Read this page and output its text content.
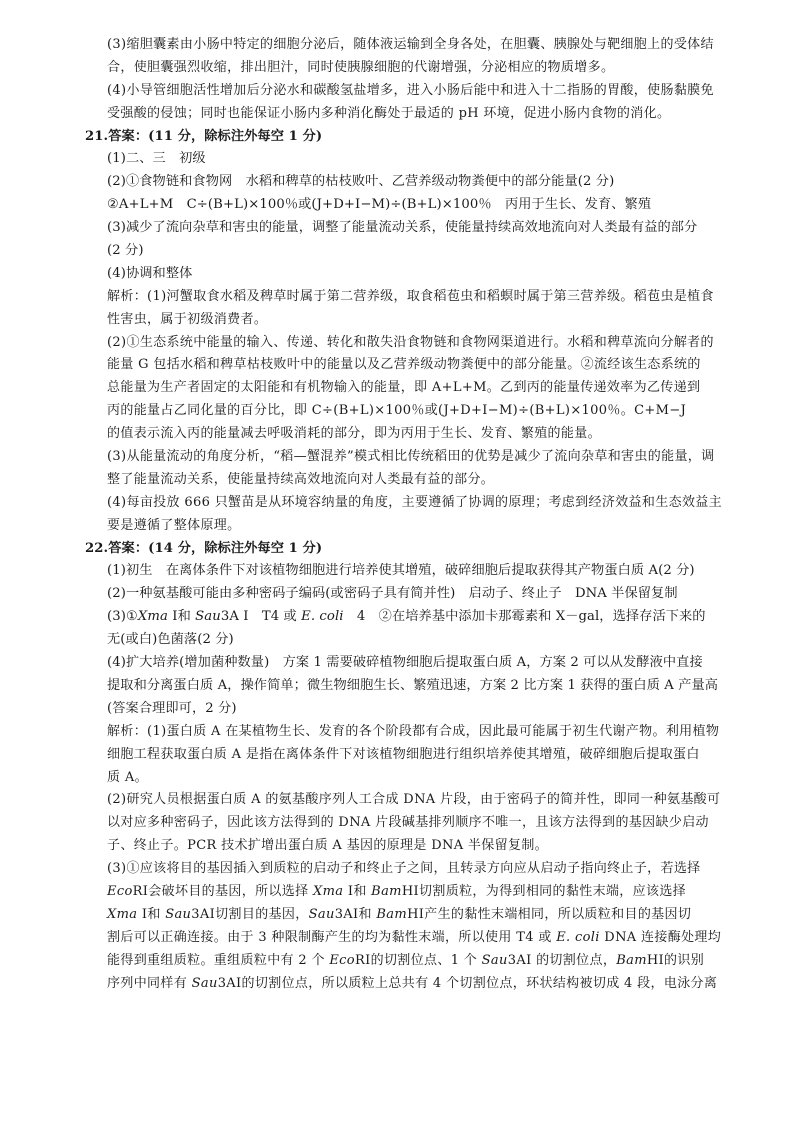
(3)缩胆囊素由小肠中特定的细胞分泌后，随体液运输到全身各处，在胆囊、胰腺处与靶细胞上的受体结
合，使胆囊强烈收缩，排出胆汁，同时使胰腺细胞的代谢增强，分泌相应的物质增多。
(4)小导管细胞活性增加后分泌水和碳酸氢盐增多，进入小肠后能中和进入十二指肠的胃酸，使肠黏膜免
受强酸的侵蚀；同时也能保证小肠内多种消化酶处于最适的 pH 环境，促进小肠内食物的消化。
21.答案：(11 分，除标注外每空 1 分)
(1)二、三　初级
(2)①食物链和食物网　水稻和稗草的枯枝败叶、乙营养级动物粪便中的部分能量(2 分)
②A+L+M　C÷(B+L)×100％或(J+D+I−M)÷(B+L)×100％　丙用于生长、发育、繁殖
(3)减少了流向杂草和害虫的能量，调整了能量流动关系，使能量持续高效地流向对人类最有益的部分
(2 分)
(4)协调和整体
解析：(1)河蟹取食水稻及稗草时属于第二营养级，取食稻苞虫和稻螟时属于第三营养级。稻苞虫是植食
性害虫，属于初级消费者。
(2)①生态系统中能量的输入、传递、转化和散失沿食物链和食物网渠道进行。水稻和稗草流向分解者的
能量 G 包括水稻和稗草枯枝败叶中的能量以及乙营养级动物粪便中的部分能量。②流经该生态系统的
总能量为生产者固定的太阳能和有机物输入的能量，即 A+L+M。乙到丙的能量传递效率为乙传递到
丙的能量占乙同化量的百分比，即 C÷(B+L)×100％或(J+D+I−M)÷(B+L)×100％。C+M−J
的值表示流入丙的能量减去呼吸消耗的部分，即为丙用于生长、发育、繁殖的能量。
(3)从能量流动的角度分析，“稻—蟹混养”模式相比传统稻田的优势是减少了流向杂草和害虫的能量，调
整了能量流动关系，使能量持续高效地流向对人类最有益的部分。
(4)每亩投放 666 只蟹苗是从环境容纳量的角度，主要遵循了协调的原理；考虑到经济效益和生态效益主
要是遵循了整体原理。
22.答案：(14 分，除标注外每空 1 分)
(1)初生　在离体条件下对该植物细胞进行培养使其增殖，破碎细胞后提取获得其产物蛋白质 A(2 分)
(2)一种氨基酸可能由多种密码子编码(或密码子具有简并性)　启动子、终止子　DNA 半保留复制
(3)①Xma Ⅰ和 Sau3A Ⅰ　T4 或 E. coli　4　②在培养基中添加卡那霉素和 X－gal，选择存活下来的
无(或白)色菌落(2 分)
(4)扩大培养(增加菌种数量)　方案 1 需要破碎植物细胞后提取蛋白质 A，方案 2 可以从发酵液中直接
提取和分离蛋白质 A，操作简单；微生物细胞生长、繁殖迅速，方案 2 比方案 1 获得的蛋白质 A 产量高
(答案合理即可，2 分)
解析：(1)蛋白质 A 在某植物生长、发育的各个阶段都有合成，因此最可能属于初生代谢产物。利用植物
细胞工程获取蛋白质 A 是指在离体条件下对该植物细胞进行组织培养使其增殖，破碎细胞后提取蛋白
质 A。
(2)研究人员根据蛋白质 A 的氨基酸序列人工合成 DNA 片段，由于密码子的简并性，即同一种氨基酸可
以对应多种密码子，因此该方法得到的 DNA 片段碱基排列顺序不唯一，且该方法得到的基因缺少启动
子、终止子。PCR 技术扩增出蛋白质 A 基因的原理是 DNA 半保留复制。
(3)①应该将目的基因插入到质粒的启动子和终止子之间，且转录方向应从启动子指向终止子，若选择
EcoRⅠ会破坏目的基因，所以选择 Xma Ⅰ和 BamHⅠ切割质粒，为得到相同的黏性末端，应该选择
Xma Ⅰ和 Sau3AⅠ切割目的基因，Sau3AⅠ和 BamHⅠ产生的黏性末端相同，所以质粒和目的基因切
割后可以正确连接。由于 3 种限制酶产生的均为黏性末端，所以使用 T4 或 E. coli DNA 连接酶处理均
能得到重组质粒。重组质粒中有 2 个 EcoRⅠ的切割位点、1 个 Sau3AⅠ 的切割位点，BamHⅠ的识别
序列中同样有 Sau3AⅠ的切割位点，所以质粒上总共有 4 个切割位点，环状结构被切成 4 段，电泳分离
